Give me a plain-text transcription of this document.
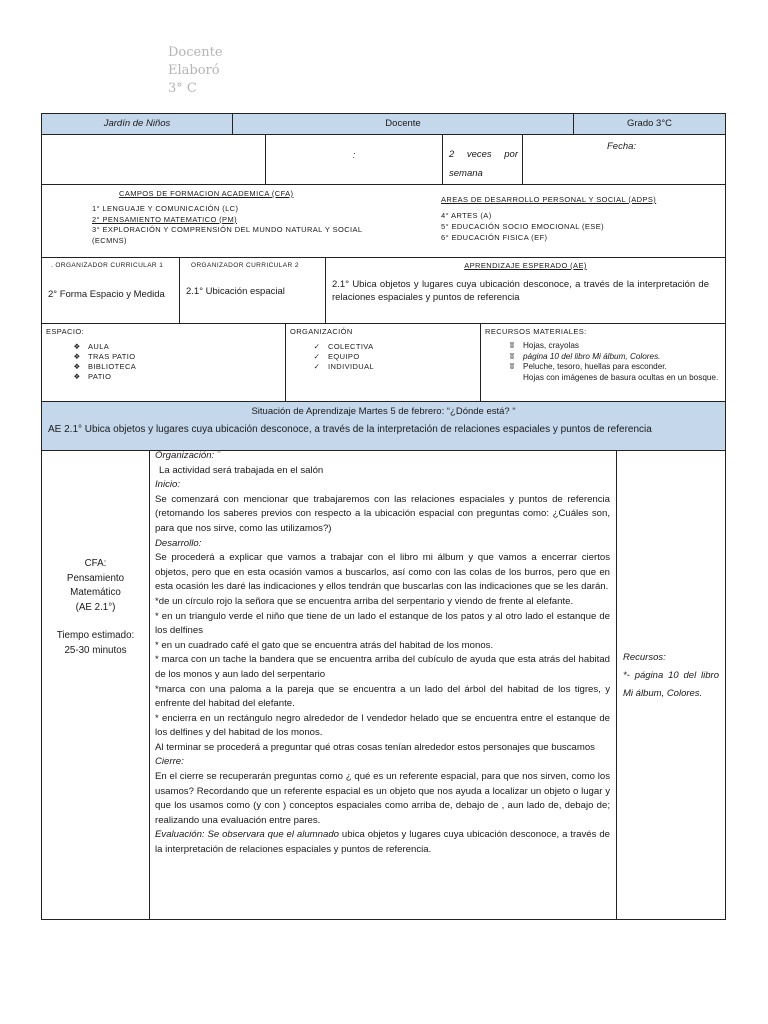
Docente
Elaboró
3° C
Jardín de Niños	Docente	Grado 3°C
:	2 veces por semana
Fecha:
CAMPOS DE FORMACION ACADEMICA (CFA)
1° LENGUAJE Y COMUNICACIÓN (LC)
2° PENSAMIENTO MATEMATICO (PM)
3° EXPLORACIÓN Y COMPRENSIÓN DEL MUNDO NATURAL Y SOCIAL
(ECMNS)
AREAS DE DESARROLLO PERSONAL Y SOCIAL (ADPS)
4° ARTES (A)
5° EDUCACIÓN SOCIO EMOCIONAL (ESE)
6° EDUCACIÓN FISICA (EF)
. ORGANIZADOR CURRICULAR 1
2° Forma Espacio y Medida
ORGANIZADOR CURRICULAR 2
2.1° Ubicación espacial
APRENDIZAJE ESPERADO (AE)
2.1° Ubica objetos y lugares cuya ubicación desconoce, a través de la interpretación de relaciones espaciales y puntos de referencia
ESPACIO:
❖ AULA
❖ TRAS PATIO
❖ BIBLIOTECA
❖ PATIO
ORGANIZACIÓN
✓ COLECTIVA
✓ EQUIPO
✓ INDIVIDUAL
RECURSOS MATERIALES:
ʬ	Hojas, crayolas
ʬ	página 10 del libro Mi álbum, Colores.
ʬ	Peluche, tesoro, huellas para esconder.
Hojas con imágenes de basura ocultas en un bosque.
Situación de Aprendizaje Martes 5 de febrero: “¿Dónde está? “
AE 2.1° Ubica objetos y lugares cuya ubicación desconoce, a través de la interpretación de relaciones espaciales y puntos de referencia
CFA:
Pensamiento Matemático
(AE 2.1°)
Tiempo estimado:
25-30 minutos
Organización: ¨
La actividad será trabajada en el salón
Inicio:
Se comenzará con mencionar que trabajaremos con las relaciones espaciales y puntos de referencia (retomando los saberes previos con respecto a la ubicación espacial con preguntas como: ¿Cuáles son, para que nos sirve, como las utilizamos?)
Desarrollo:
Se procederá a explicar que vamos a trabajar con el libro mi álbum y que vamos a encerrar ciertos objetos, pero que en esta ocasión vamos a buscarlos, así como con las colas de los burros, pero que en esta ocasión les daré las indicaciones y ellos tendrán que buscarlas con las indicaciones que se les darán.
*de un círculo rojo la señora que se encuentra arriba del serpentario y viendo de frente al elefante.
* en un triangulo verde el niño que tiene de un lado el estanque de los patos y al otro lado el estanque de los delfines
* en un cuadrado café el gato que se encuentra atrás del habitad de los monos.
* marca con un tache la bandera que se encuentra arriba del cubículo de ayuda que esta atrás del habitad de los monos y aun lado del serpentario
*marca con una paloma a la pareja que se encuentra a un lado del árbol del habitad de los tigres, y enfrente del habitad del elefante.
* encierra en un rectángulo negro alrededor de l vendedor helado que se encuentra entre el estanque de los delfines y del habitad de los monos.
Al terminar se procederá a preguntar qué otras cosas tenían alrededor estos personajes que buscamos
Cierre:
En el cierre se recuperarán preguntas como ¿ qué es un referente espacial, para que nos sirven, como los usamos? Recordando que un referente espacial es un objeto que nos ayuda a localizar un objeto o lugar y que los usamos como (y con ) conceptos espaciales como arriba de, debajo de , aun lado de, debajo de; realizando una evaluación entre pares.
Evaluación: Se observara que el alumnado ubica objetos y lugares cuya ubicación desconoce, a través de la interpretación de relaciones espaciales y puntos de referencia.
Recursos:
*- página 10 del libro Mi álbum, Colores.
